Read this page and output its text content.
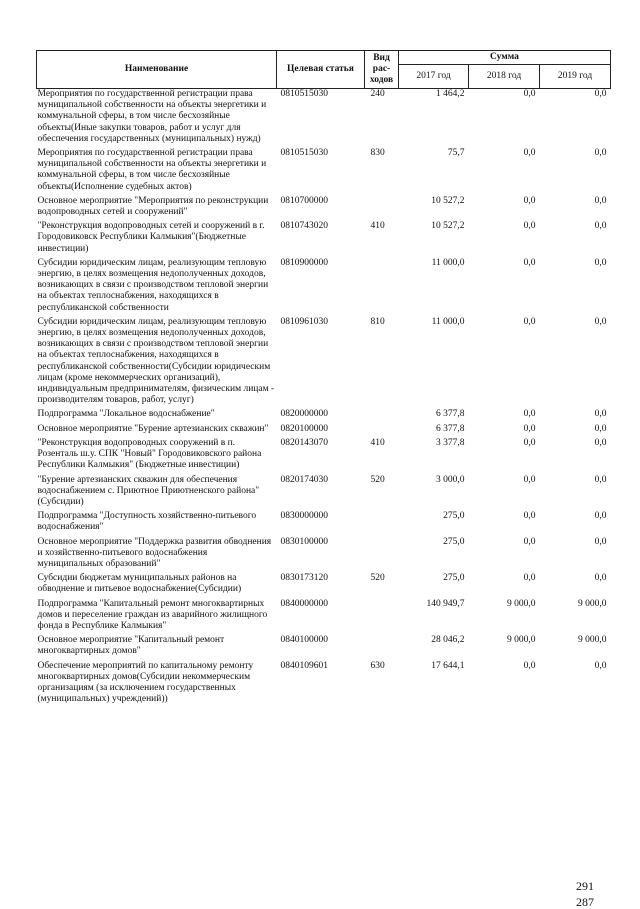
Наименование	Целевая статья	Вид рас-ходов	Сумма		
			2017 год	2018 год	2019 год
Мероприятия по государственной регистрации права муниципальной собственности на объекты энергетики и коммунальной сферы, в том числе бесхозяйные объекты(Иные закупки товаров, работ и услуг для обеспечения государственных (муниципальных) нужд)	0810515030	240	1 464,2	0,0	0,0
Мероприятия по государственной регистрации права муниципальной собственности на объекты энергетики и коммунальной сферы, в том числе бесхозяйные объекты(Исполнение судебных актов)	0810515030	830	75,7	0,0	0,0
Основное мероприятие "Мероприятия по реконструкции водопроводных сетей и сооружений"	0810700000		10 527,2	0,0	0,0
"Реконструкция водопроводных сетей и сооружений в г. Городовиковск Республики Калмыкия"(Бюджетные инвестиции)	0810743020	410	10 527,2	0,0	0,0
Субсидии юридическим лицам, реализующим тепловую энергию, в целях возмещения недополученных доходов, возникающих в связи с производством тепловой энергии на объектах теплоснабжения, находящихся в республиканской собственности	0810900000		11 000,0	0,0	0,0
Субсидии юридическим лицам, реализующим тепловую энергию, в целях возмещения недополученных доходов, возникающих в связи с производством тепловой энергии на объектах теплоснабжения, находящихся в республиканской собственности(Субсидии юридическим лицам (кроме некоммерческих организаций), индивидуальным предпринимателям, физическим лицам - производителям товаров, работ, услуг)	0810961030	810	11 000,0	0,0	0,0
Подпрограмма "Локальное водоснабжение"	0820000000		6 377,8	0,0	0,0
Основное мероприятие "Бурение артезианских скважин"	0820100000		6 377,8	0,0	0,0
"Реконструкция водопроводных сооружений в п. Розенталь ш.у. СПК "Новый" Городовиковского района Республики Калмыкия" (Бюджетные инвестиции)	0820143070	410	3 377,8	0,0	0,0
"Бурение артезианских скважин для обеспечения водоснабжением с. Приютное Приютненского района"(Субсидии)	0820174030	520	3 000,0	0,0	0,0
Подпрограмма "Доступность хозяйственно-питьевого водоснабжения"	0830000000		275,0	0,0	0,0
Основное мероприятие "Поддержка развития обводнения и хозяйственно-питьевого водоснабжения муниципальных образований"	0830100000		275,0	0,0	0,0
Субсидии бюджетам муниципальных районов на обводнение и питьевое водоснабжение(Субсидии)	0830173120	520	275,0	0,0	0,0
Подпрограмма "Капитальный ремонт многоквартирных домов и переселение граждан из аварийного жилищного фонда в Республике Калмыкия"	0840000000		140 949,7	9 000,0	9 000,0
Основное мероприятие "Капитальный ремонт многоквартирных домов"	0840100000		28 046,2	9 000,0	9 000,0
Обеспечение мероприятий по капитальному ремонту многоквартирных домов(Субсидии некоммерческим организациям (за исключением государственных (муниципальных) учреждений))	0840109601	630	17 644,1	0,0	0,0
291
287
